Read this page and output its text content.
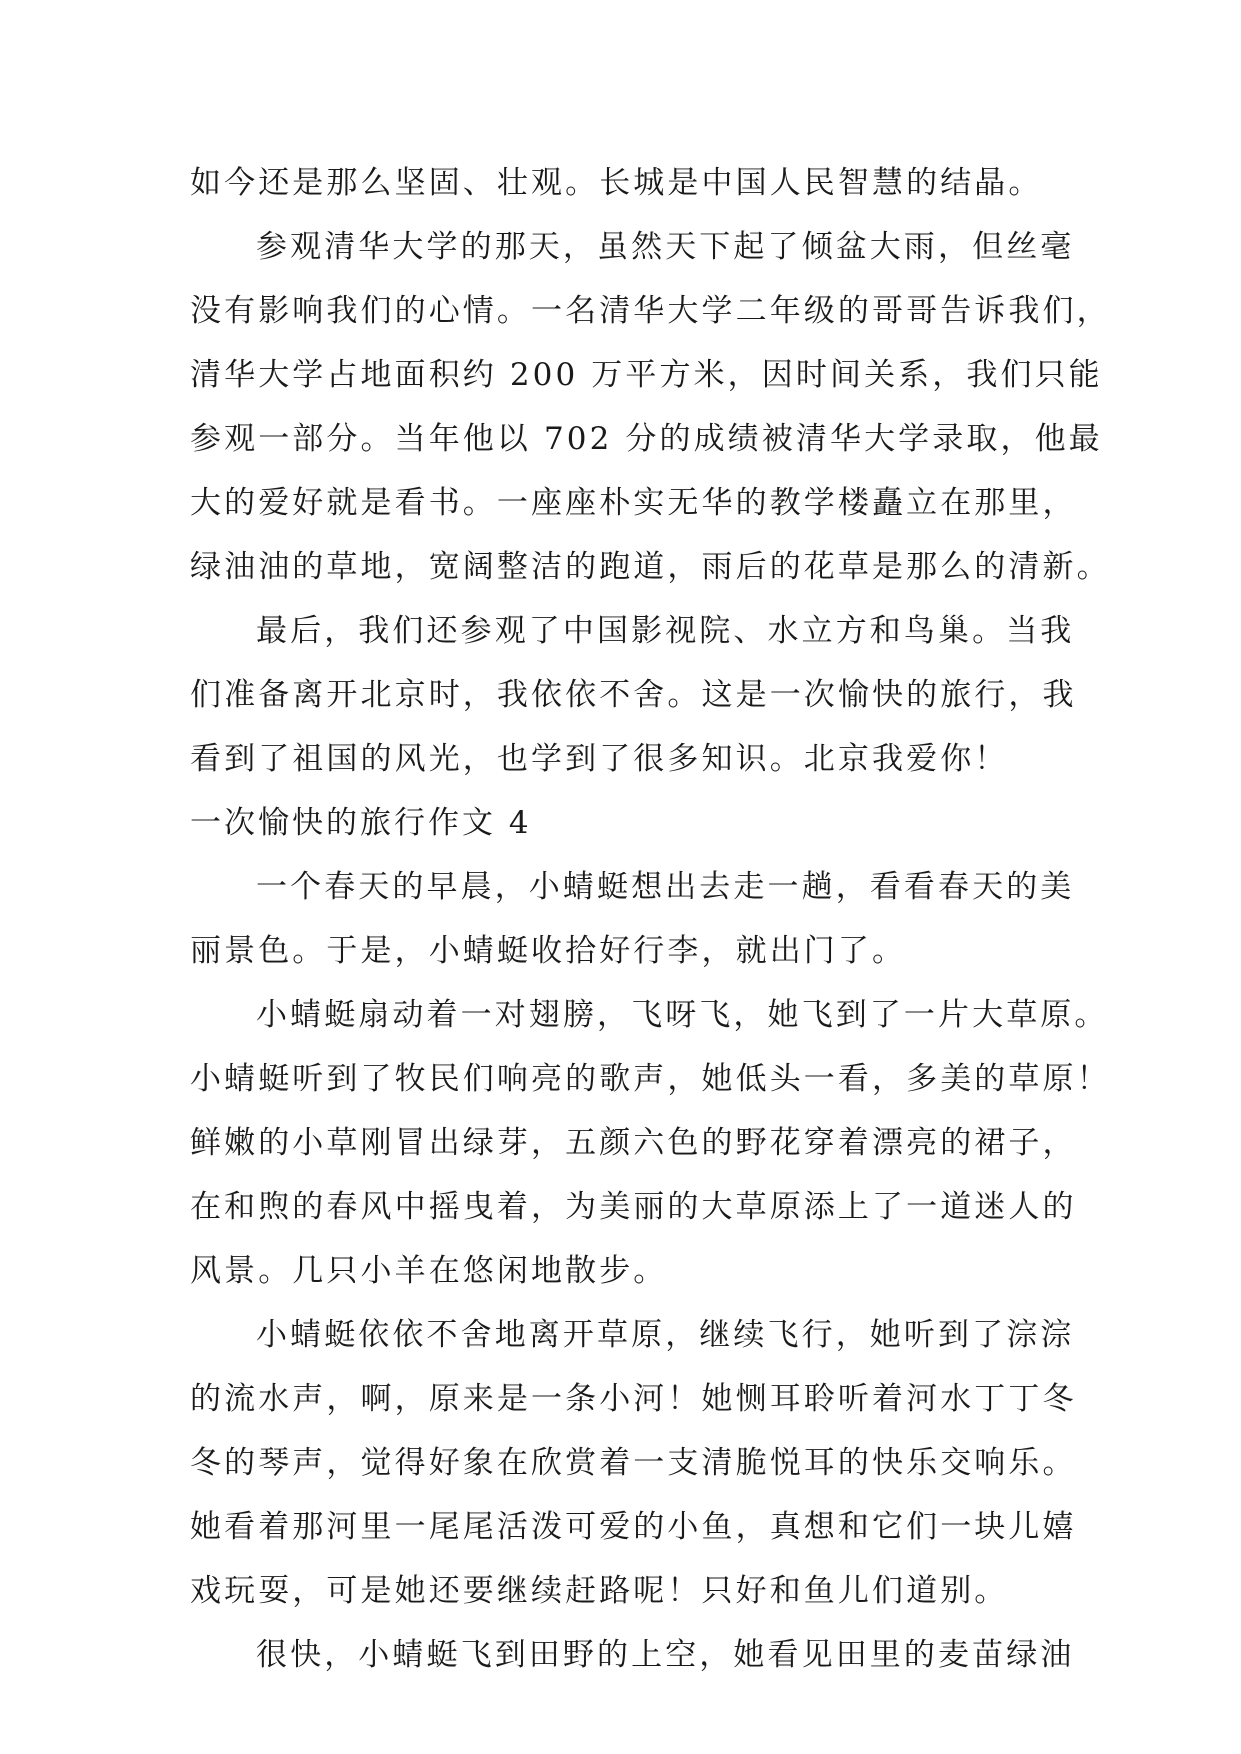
如今还是那么坚固、壮观。长城是中国人民智慧的结晶。
参观清华大学的那天，虽然天下起了倾盆大雨，但丝毫
没有影响我们的心情。一名清华大学二年级的哥哥告诉我们，
清华大学占地面积约 200 万平方米，因时间关系，我们只能
参观一部分。当年他以 702 分的成绩被清华大学录取，他最
大的爱好就是看书。一座座朴实无华的教学楼矗立在那里，
绿油油的草地，宽阔整洁的跑道，雨后的花草是那么的清新。
最后，我们还参观了中国影视院、水立方和鸟巢。当我
们准备离开北京时，我依依不舍。这是一次愉快的旅行，我
看到了祖国的风光，也学到了很多知识。北京我爱你！
一次愉快的旅行作文 4
一个春天的早晨，小蜻蜓想出去走一趟，看看春天的美
丽景色。于是，小蜻蜓收拾好行李，就出门了。
小蜻蜓扇动着一对翅膀，飞呀飞，她飞到了一片大草原。
小蜻蜓听到了牧民们响亮的歌声，她低头一看，多美的草原！
鲜嫩的小草刚冒出绿芽，五颜六色的野花穿着漂亮的裙子，
在和煦的春风中摇曳着，为美丽的大草原添上了一道迷人的
风景。几只小羊在悠闲地散步。
小蜻蜓依依不舍地离开草原，继续飞行，她听到了淙淙
的流水声，啊，原来是一条小河！她恻耳聆听着河水丁丁冬
冬的琴声，觉得好象在欣赏着一支清脆悦耳的快乐交响乐。
她看着那河里一尾尾活泼可爱的小鱼，真想和它们一块儿嬉
戏玩耍，可是她还要继续赶路呢！只好和鱼儿们道别。
很快，小蜻蜓飞到田野的上空，她看见田里的麦苗绿油
